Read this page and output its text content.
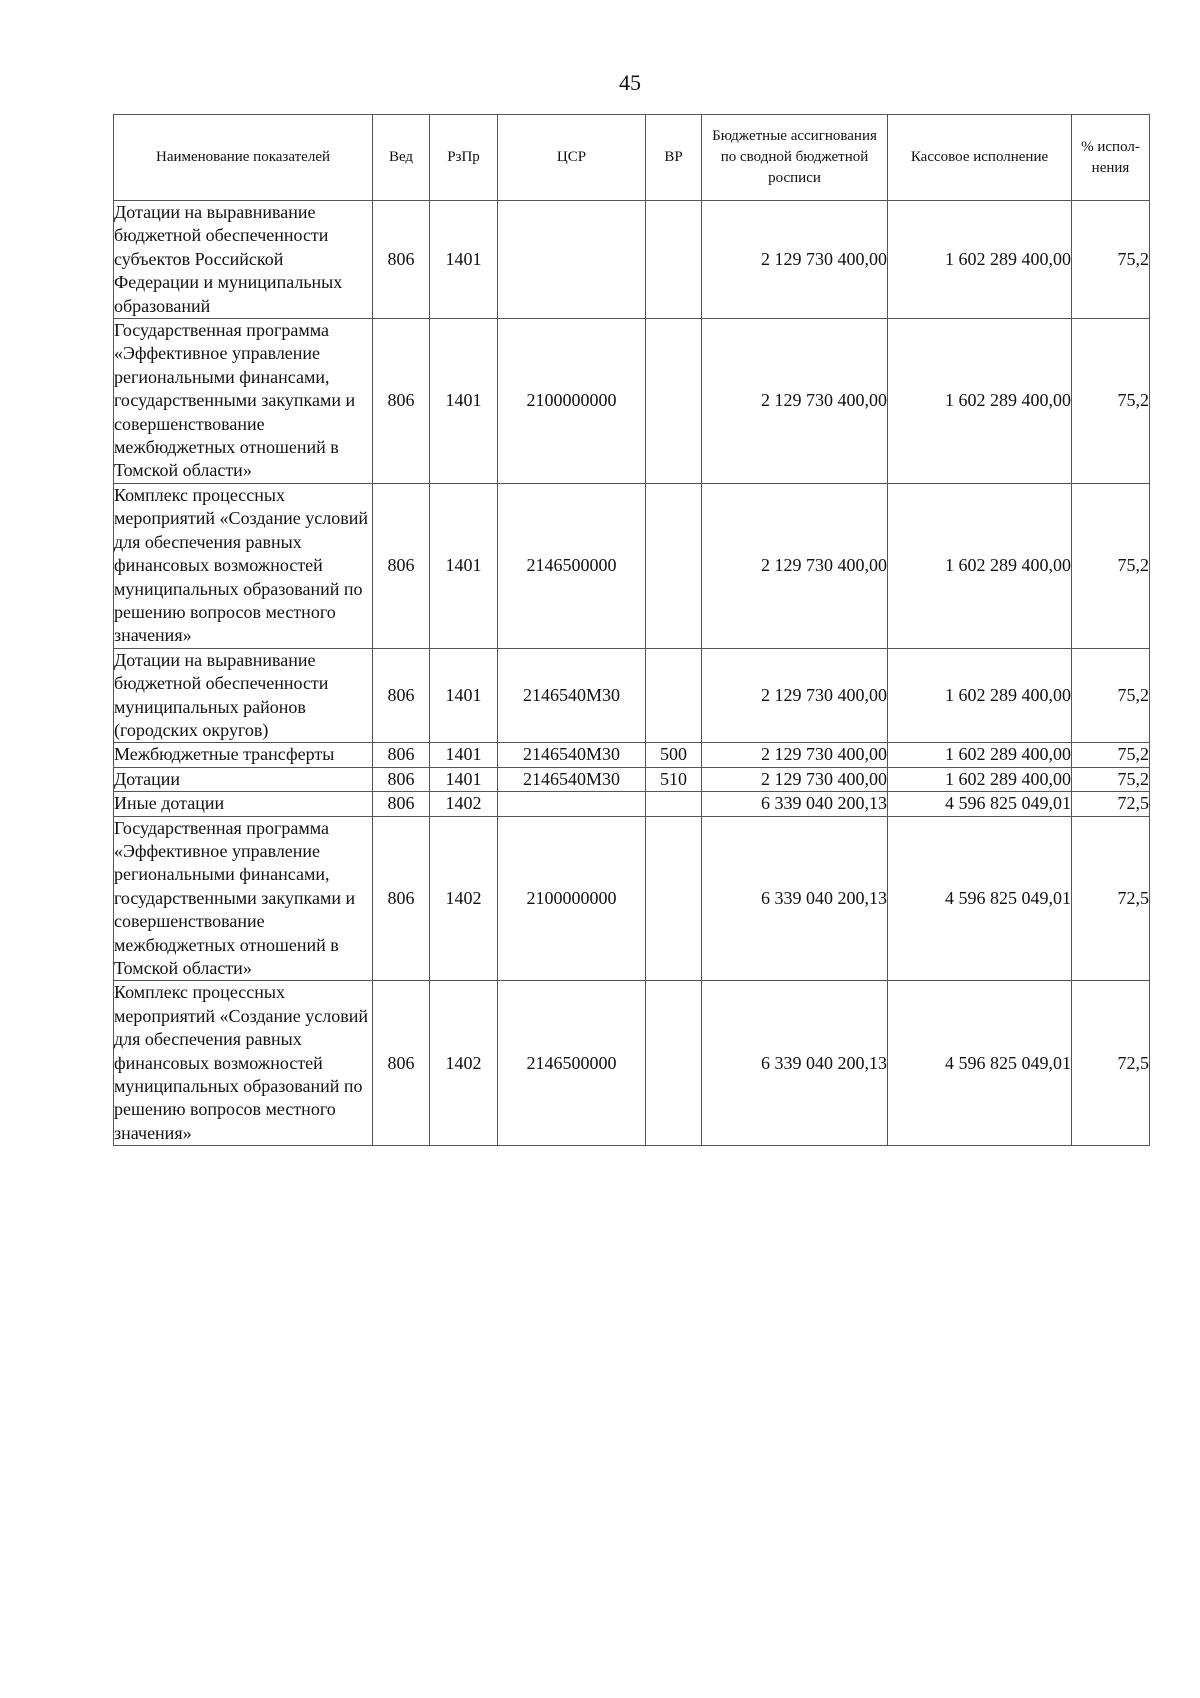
45
Наименование показателей	Вед	РзПр	ЦСР	ВР	Бюджетные ассигнования по сводной бюджетной росписи	Кассовое исполнение	% испол-нения
Дотации на выравнивание бюджетной обеспеченности субъектов Российской Федерации и муниципальных образований	806	1401			2 129 730 400,00	1 602 289 400,00	75,2
Государственная программа «Эффективное управление региональными финансами, государственными закупками и совершенствование межбюджетных отношений в Томской области»	806	1401	2100000000		2 129 730 400,00	1 602 289 400,00	75,2
Комплекс процессных мероприятий «Создание условий для обеспечения равных финансовых возможностей муниципальных образований по решению вопросов местного значения»	806	1401	2146500000		2 129 730 400,00	1 602 289 400,00	75,2
Дотации на выравнивание бюджетной обеспеченности муниципальных районов (городских округов)	806	1401	2146540М30		2 129 730 400,00	1 602 289 400,00	75,2
Межбюджетные трансферты	806	1401	2146540М30	500	2 129 730 400,00	1 602 289 400,00	75,2
Дотации	806	1401	2146540М30	510	2 129 730 400,00	1 602 289 400,00	75,2
Иные дотации	806	1402			6 339 040 200,13	4 596 825 049,01	72,5
Государственная программа «Эффективное управление региональными финансами, государственными закупками и совершенствование межбюджетных отношений в Томской области»	806	1402	2100000000		6 339 040 200,13	4 596 825 049,01	72,5
Комплекс процессных мероприятий «Создание условий для обеспечения равных финансовых возможностей муниципальных образований по решению вопросов местного значения»	806	1402	2146500000		6 339 040 200,13	4 596 825 049,01	72,5
